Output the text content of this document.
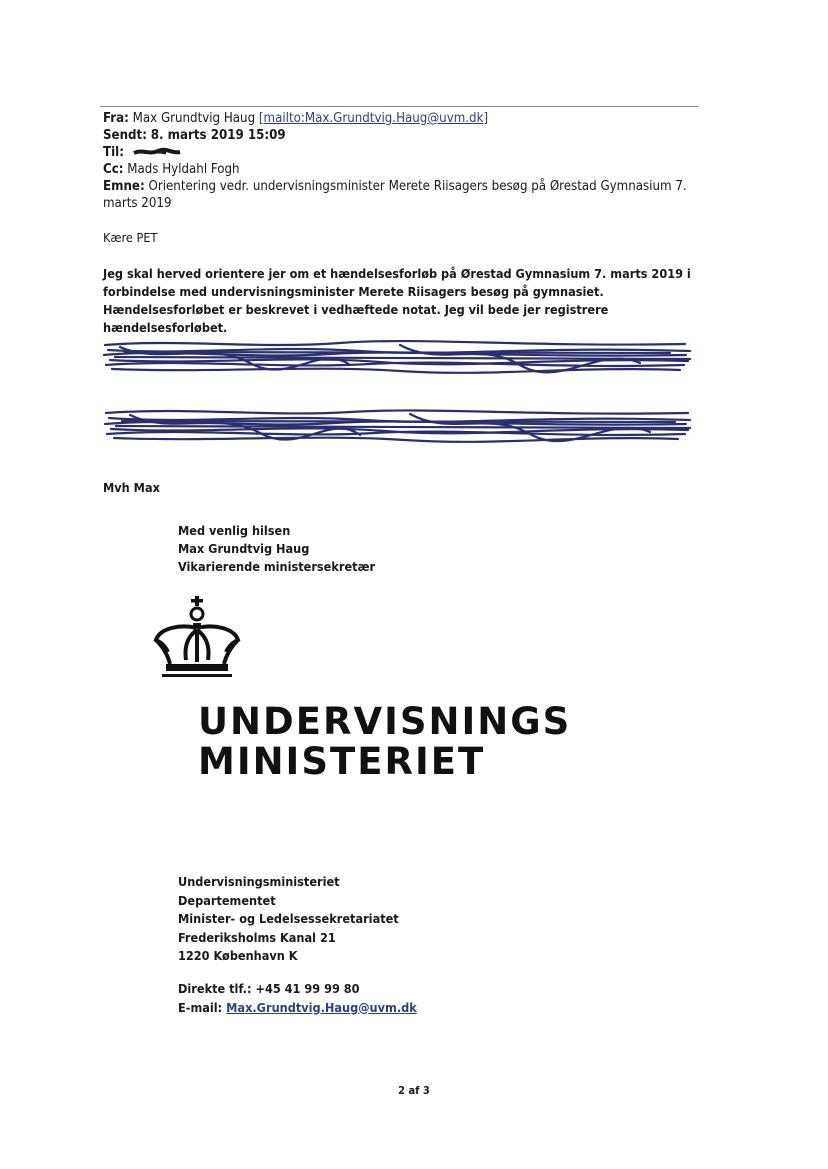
Fra: Max Grundtvig Haug [mailto:Max.Grundtvig.Haug@uvm.dk]
Sendt: 8. marts 2019 15:09
Til:
Cc: Mads Hyldahl Fogh
Emne: Orientering vedr. undervisningsminister Merete Riisagers besøg på Ørestad Gymnasium 7. marts 2019
Kære PET
Jeg skal herved orientere jer om et hændelsesforløb på Ørestad Gymnasium 7. marts 2019 i forbindelse med undervisningsminister Merete Riisagers besøg på gymnasiet. Hændelsesforløbet er beskrevet i vedhæftede notat. Jeg vil bede jer registrere hændelsesforløbet.
Mvh Max
Med venlig hilsen
Max Grundtvig Haug
Vikarierende ministersekretær
UNDERVISNINGS
MINISTERIET
Undervisningsministeriet
Departementet
Minister- og Ledelsessekretariatet
Frederiksholms Kanal 21
1220 København K
Direkte tlf.: +45 41 99 99 80
E-mail: Max.Grundtvig.Haug@uvm.dk
2 af 3
